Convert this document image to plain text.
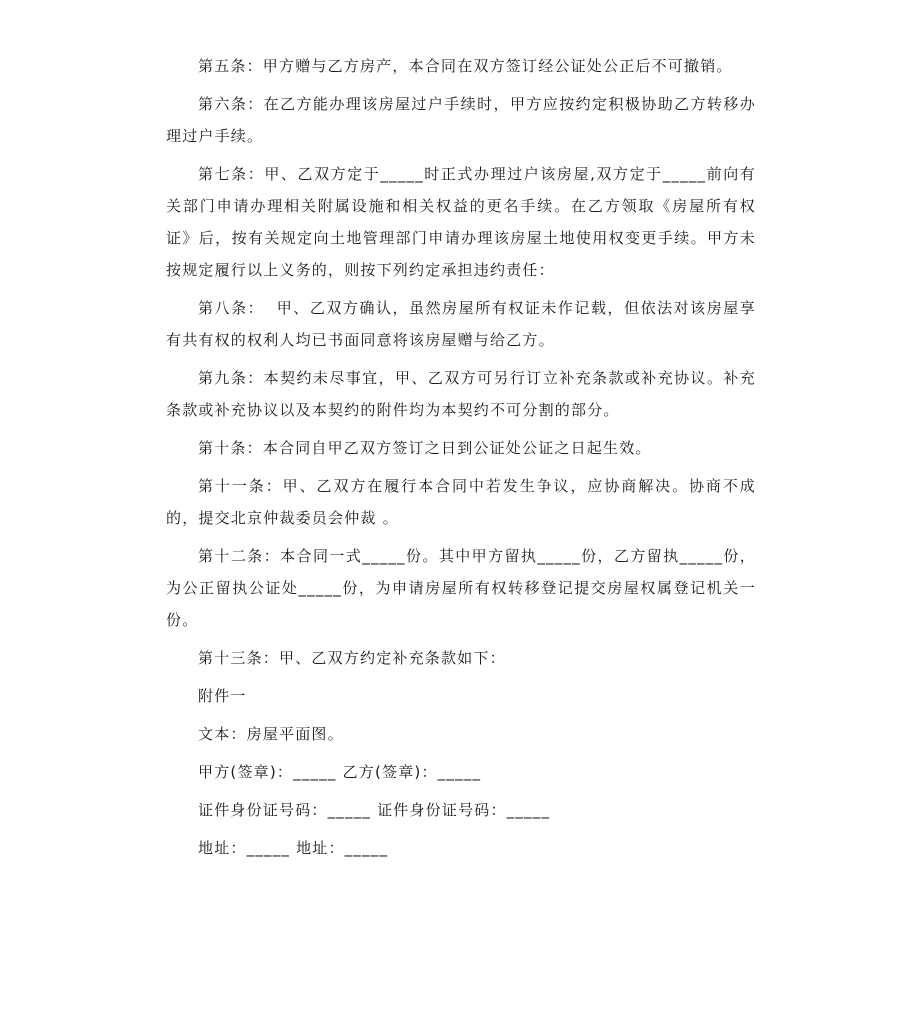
第五条：甲方赠与乙方房产，本合同在双方签订经公证处公正后不可撤销。

第六条：在乙方能办理该房屋过户手续时，甲方应按约定积极协助乙方转移办理过户手续。

第七条：甲、乙双方定于_____时正式办理过户该房屋,双方定于_____前向有关部门申请办理相关附属设施和相关权益的更名手续。在乙方领取《房屋所有权证》后，按有关规定向土地管理部门申请办理该房屋土地使用权变更手续。甲方未按规定履行以上义务的，则按下列约定承担违约责任：

第八条：  甲、乙双方确认，虽然房屋所有权证未作记载，但依法对该房屋享有共有权的权利人均已书面同意将该房屋赠与给乙方。

第九条：本契约未尽事宜，甲、乙双方可另行订立补充条款或补充协议。补充条款或补充协议以及本契约的附件均为本契约不可分割的部分。

第十条：本合同自甲乙双方签订之日到公证处公证之日起生效。

第十一条：甲、乙双方在履行本合同中若发生争议，应协商解决。协商不成的，提交北京仲裁委员会仲裁 。

第十二条：本合同一式_____份。其中甲方留执_____份，乙方留执_____份，为公正留执公证处_____份，为申请房屋所有权转移登记提交房屋权属登记机关一份。

第十三条：甲、乙双方约定补充条款如下：

附件一

文本：房屋平面图。

甲方(签章)：_____ 乙方(签章)：_____

证件身份证号码：_____ 证件身份证号码：_____

地址：_____ 地址：_____
